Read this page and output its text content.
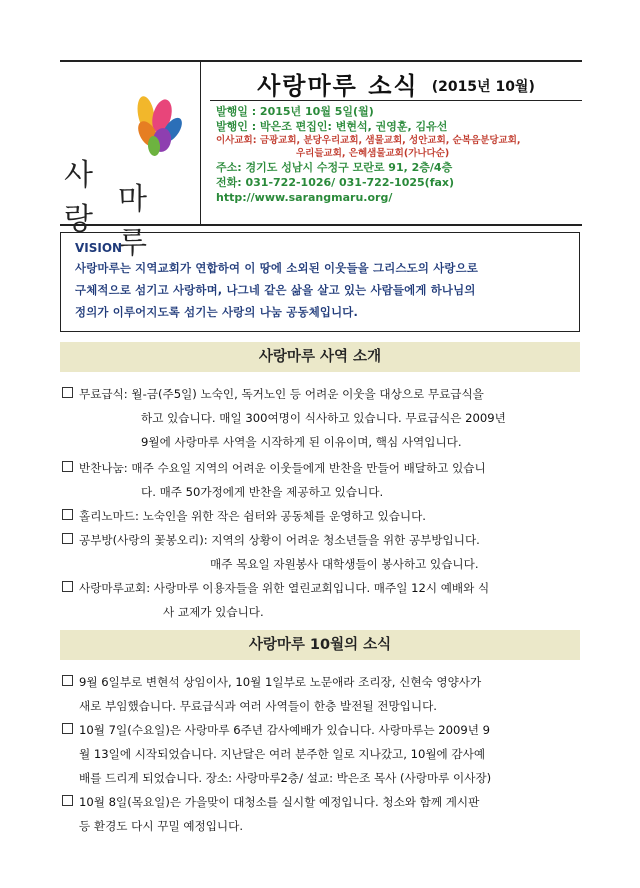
사랑
마루
사랑마루 소식 (2015년 10월)
발행일 : 2015년 10월 5일(월)
발행인 : 박은조 편집인: 변현석, 권영훈, 김유선
이사교회: 금광교회, 분당우리교회, 샘물교회, 성안교회, 순복음분당교회,
우리들교회, 은혜샘물교회(가나다순)
주소: 경기도 성남시 수정구 모란로 91, 2층/4층
전화: 031-722-1026/ 031-722-1025(fax)
http://www.sarangmaru.org/
VISION
사랑마루는 지역교회가 연합하여 이 땅에 소외된 이웃들을 그리스도의 사랑으로
구체적으로 섬기고 사랑하며, 나그네 같은 삶을 살고 있는 사람들에게 하나님의
정의가 이루어지도록 섬기는 사랑의 나눔 공동체입니다.
사랑마루 사역 소개
무료급식: 월-금(주5일) 노숙인, 독거노인 등 어려운 이웃을 대상으로 무료급식을
하고 있습니다. 매일 300여명이 식사하고 있습니다. 무료급식은 2009년
9월에 사랑마루 사역을 시작하게 된 이유이며, 핵심 사역입니다.
반찬나눔: 매주 수요일 지역의 어려운 이웃들에게 반찬을 만들어 배달하고 있습니
다. 매주 50가정에게 반찬을 제공하고 있습니다.
홀리노마드: 노숙인을 위한 작은 쉼터와 공동체를 운영하고 있습니다.
공부방(사랑의 꽃봉오리): 지역의 상황이 어려운 청소년들을 위한 공부방입니다.
매주 목요일 자원봉사 대학생들이 봉사하고 있습니다.
사랑마루교회: 사랑마루 이용자들을 위한 열린교회입니다. 매주일 12시 예배와 식
사 교제가 있습니다.
사랑마루 10월의 소식
9월 6일부로 변현석 상임이사, 10월 1일부로 노문애라 조리장, 신현숙 영양사가
새로 부임했습니다. 무료급식과 여러 사역들이 한층 발전될 전망입니다.
10월 7일(수요일)은 사랑마루 6주년 감사예배가 있습니다. 사랑마루는 2009년 9
월 13일에 시작되었습니다. 지난달은 여러 분주한 일로 지나갔고, 10월에 감사예
배를 드리게 되었습니다. 장소: 사랑마루2층/ 설교: 박은조 목사 (사랑마루 이사장)
10월 8일(목요일)은 가을맞이 대청소를 실시할 예정입니다. 청소와 함께 게시판
등 환경도 다시 꾸밀 예정입니다.
